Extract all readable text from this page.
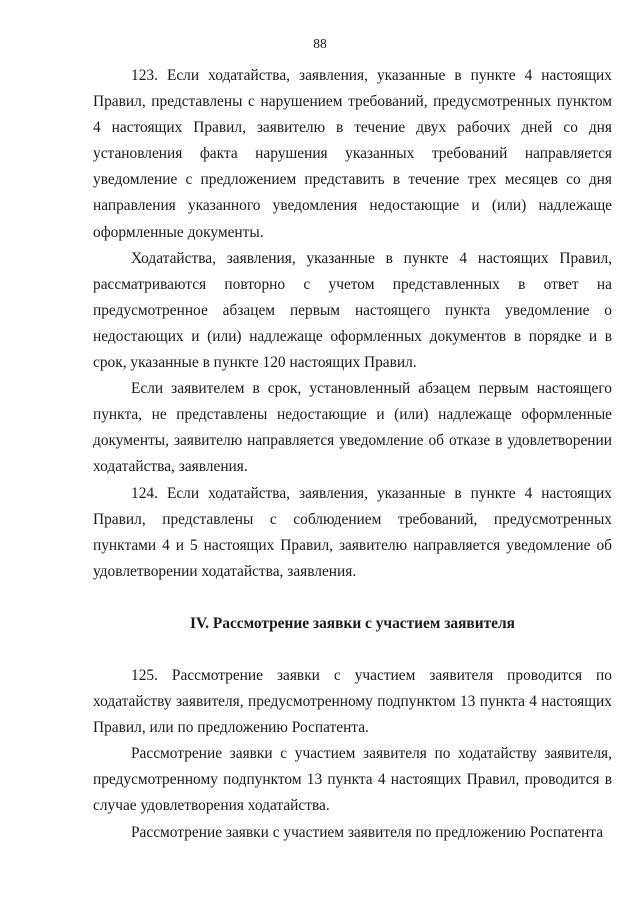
88

123. Если ходатайства, заявления, указанные в пункте 4 настоящих Правил, представлены с нарушением требований, предусмотренных пунктом 4 настоящих Правил, заявителю в течение двух рабочих дней со дня установления факта нарушения указанных требований направляется уведомление с предложением представить в течение трех месяцев со дня направления указанного уведомления недостающие и (или) надлежаще оформленные документы.

Ходатайства, заявления, указанные в пункте 4 настоящих Правил, рассматриваются повторно с учетом представленных в ответ на предусмотренное абзацем первым настоящего пункта уведомление о недостающих и (или) надлежаще оформленных документов в порядке и в срок, указанные в пункте 120 настоящих Правил.

Если заявителем в срок, установленный абзацем первым настоящего пункта, не представлены недостающие и (или) надлежаще оформленные документы, заявителю направляется уведомление об отказе в удовлетворении ходатайства, заявления.

124. Если ходатайства, заявления, указанные в пункте 4 настоящих Правил, представлены с соблюдением требований, предусмотренных пунктами 4 и 5 настоящих Правил, заявителю направляется уведомление об удовлетворении ходатайства, заявления.

IV. Рассмотрение заявки с участием заявителя

125. Рассмотрение заявки с участием заявителя проводится по ходатайству заявителя, предусмотренному подпунктом 13 пункта 4 настоящих Правил, или по предложению Роспатента.

Рассмотрение заявки с участием заявителя по ходатайству заявителя, предусмотренному подпунктом 13 пункта 4 настоящих Правил, проводится в случае удовлетворения ходатайства.

Рассмотрение заявки с участием заявителя по предложению Роспатента
